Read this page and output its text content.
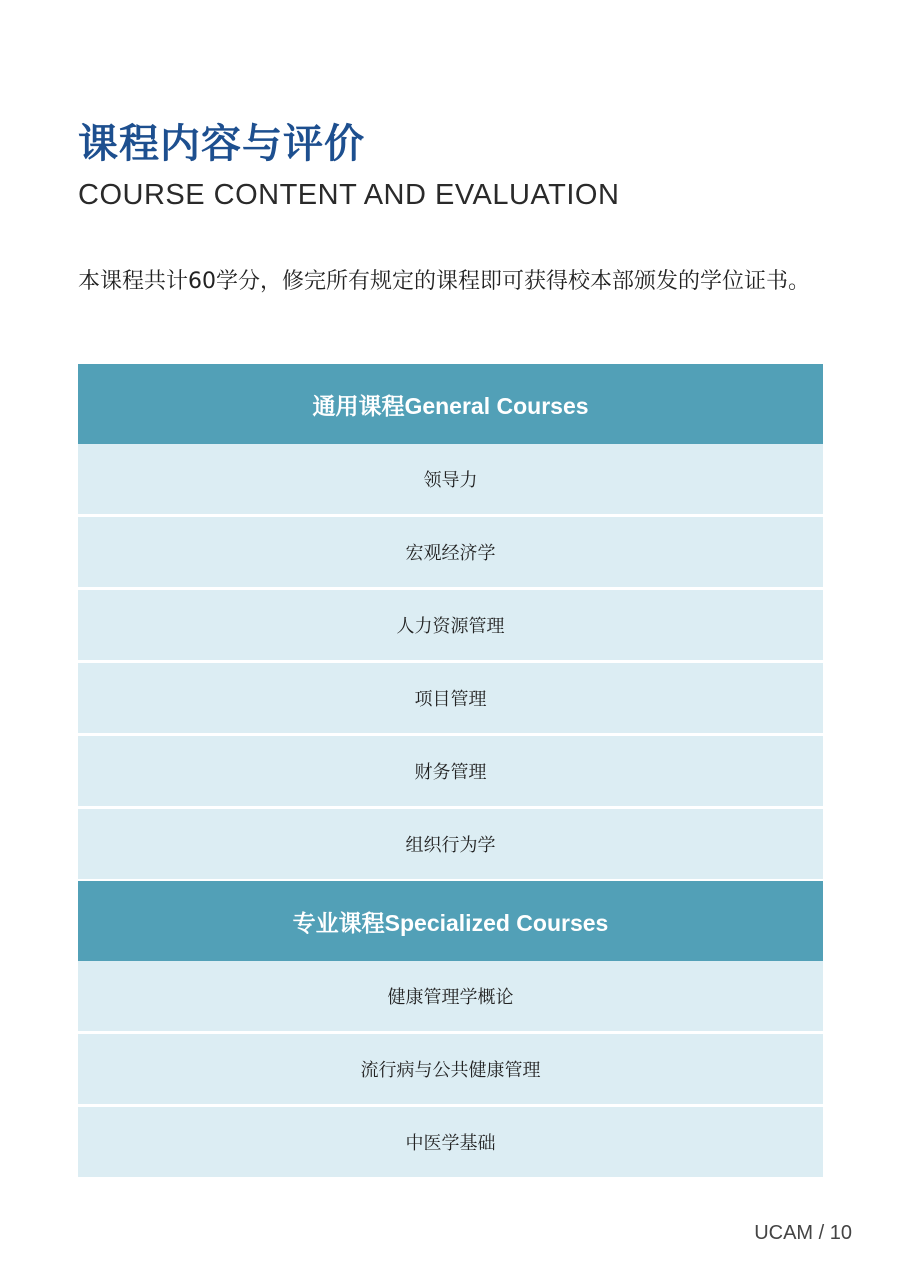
课程内容与评价
COURSE CONTENT AND EVALUATION
本课程共计60学分，修完所有规定的课程即可获得校本部颁发的学位证书。
通用课程General Courses
领导力
宏观经济学
人力资源管理
项目管理
财务管理
组织行为学
专业课程Specialized Courses
健康管理学概论
流行病与公共健康管理
中医学基础
UCAM / 10
